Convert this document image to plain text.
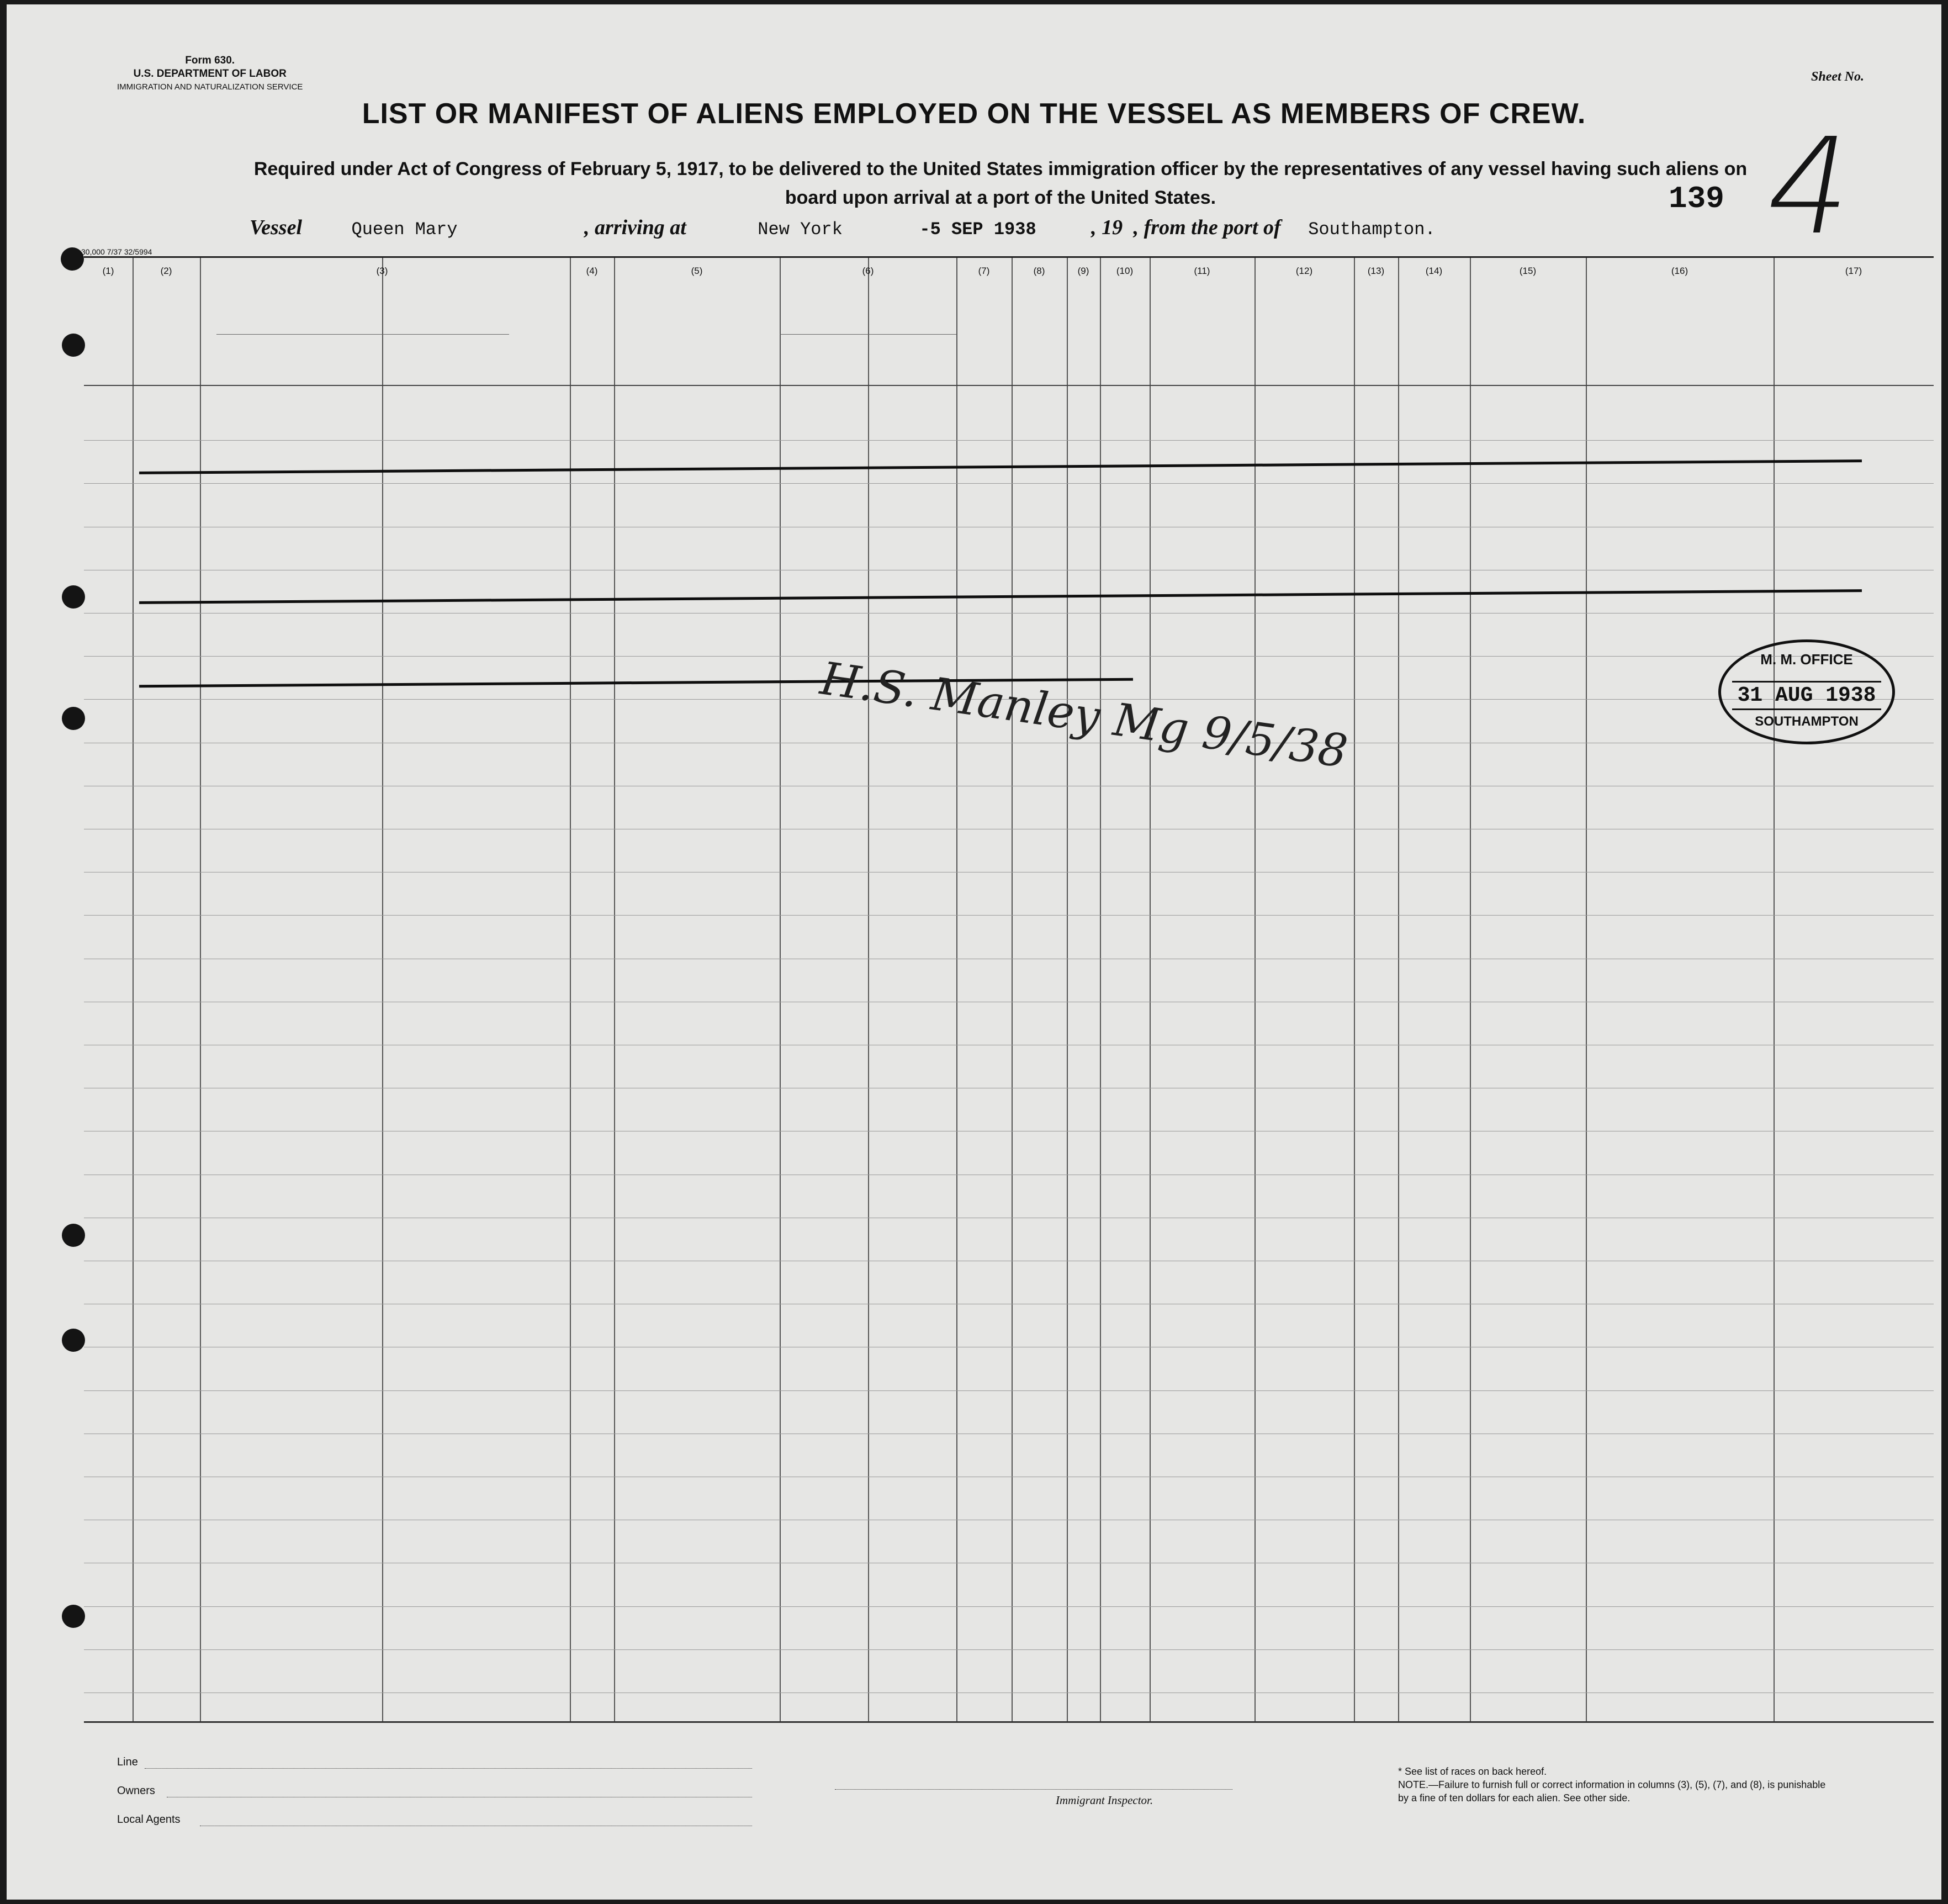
Form 630.
U.S. DEPARTMENT OF LABOR
IMMIGRATION AND NATURALIZATION SERVICE
Sheet No.
LIST OR MANIFEST OF ALIENS EMPLOYED ON THE VESSEL AS MEMBERS OF CREW.
Required under Act of Congress of February 5, 1917, to be delivered to the United States immigration officer by the representatives of any vessel having such aliens on board upon arrival at a port of the United States.	139 4
Vessel	Queen Mary	, arriving at	New York	-5 SEP 1938	, 19 , from the port of Southampton.
30,000 7/37 32/5994
(1)	(2)	(3)	(4)	(5)	(6)	(7)	(8)	(9)	(10)	(11)	(12)	(13)	(14)	(15)	(16)	(17)
H.S. Manley Mg 9/5/38	M. M. OFFICE
31 AUG 1938
SOUTHAMPTON
Line
Owners
Local Agents
Immigrant Inspector.
* See list of races on back hereof.
NOTE.—Failure to furnish full or correct information in columns (3), (5), (7), and (8), is punishable by a fine of ten dollars for each alien. See other side.
